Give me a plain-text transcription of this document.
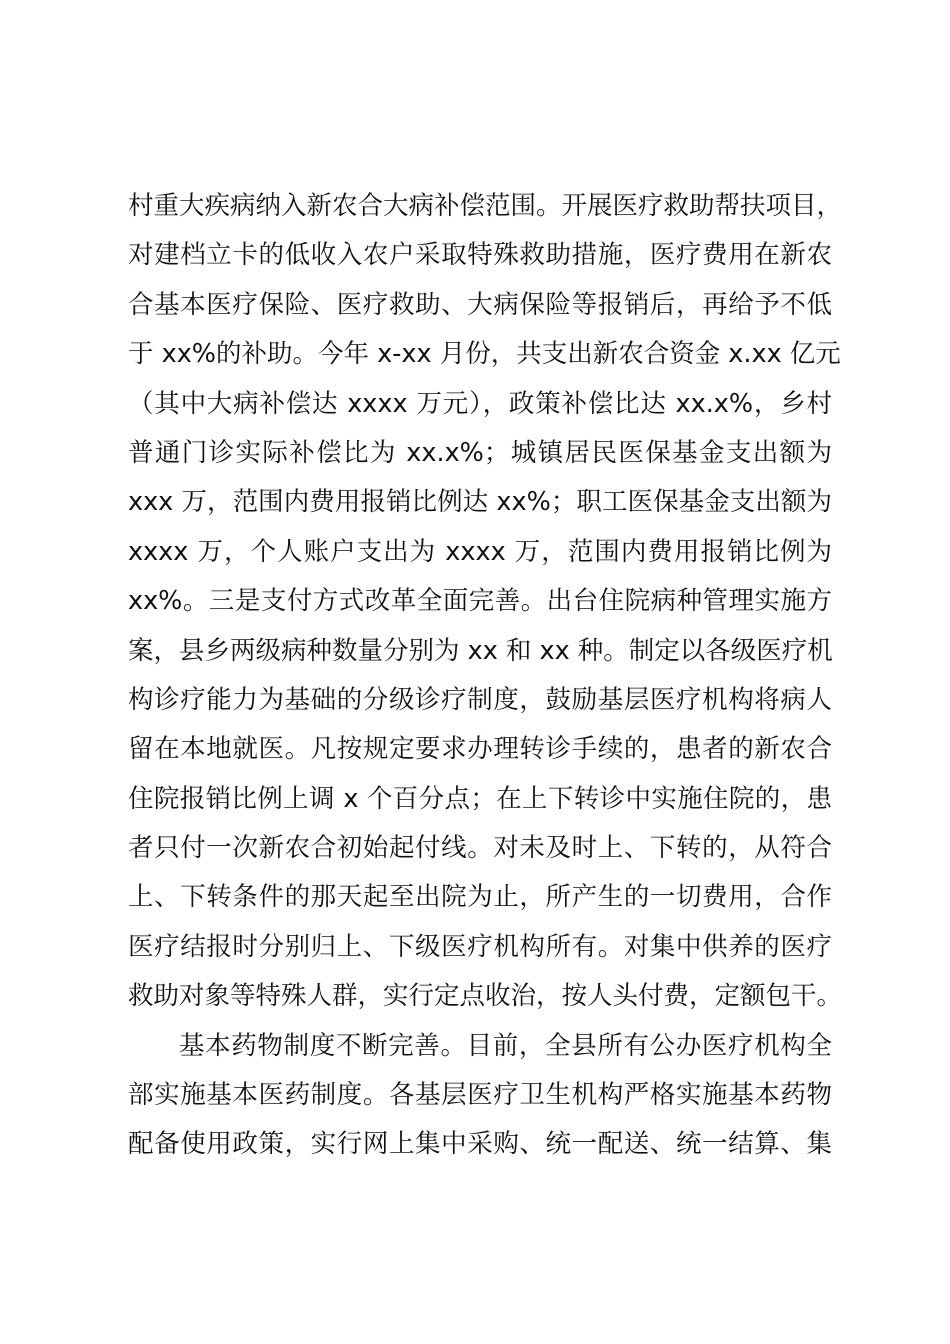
村重大疾病纳入新农合大病补偿范围。开展医疗救助帮扶项目，
对建档立卡的低收入农户采取特殊救助措施，医疗费用在新农
合基本医疗保险、医疗救助、大病保险等报销后，再给予不低
于 xx%的补助。今年 x-xx 月份，共支出新农合资金 x.xx 亿元
（其中大病补偿达 xxxx 万元），政策补偿比达 xx.x%，乡村
普通门诊实际补偿比为 xx.x%；城镇居民医保基金支出额为
xxx 万，范围内费用报销比例达 xx%；职工医保基金支出额为
xxxx 万，个人账户支出为 xxxx 万，范围内费用报销比例为
xx%。三是支付方式改革全面完善。出台住院病种管理实施方
案，县乡两级病种数量分别为 xx 和 xx 种。制定以各级医疗机
构诊疗能力为基础的分级诊疗制度，鼓励基层医疗机构将病人
留在本地就医。凡按规定要求办理转诊手续的，患者的新农合
住院报销比例上调 x 个百分点；在上下转诊中实施住院的，患
者只付一次新农合初始起付线。对未及时上、下转的，从符合
上、下转条件的那天起至出院为止，所产生的一切费用，合作
医疗结报时分别归上、下级医疗机构所有。对集中供养的医疗
救助对象等特殊人群，实行定点收治，按人头付费，定额包干。
基本药物制度不断完善。目前，全县所有公办医疗机构全
部实施基本医药制度。各基层医疗卫生机构严格实施基本药物
配备使用政策，实行网上集中采购、统一配送、统一结算、集
